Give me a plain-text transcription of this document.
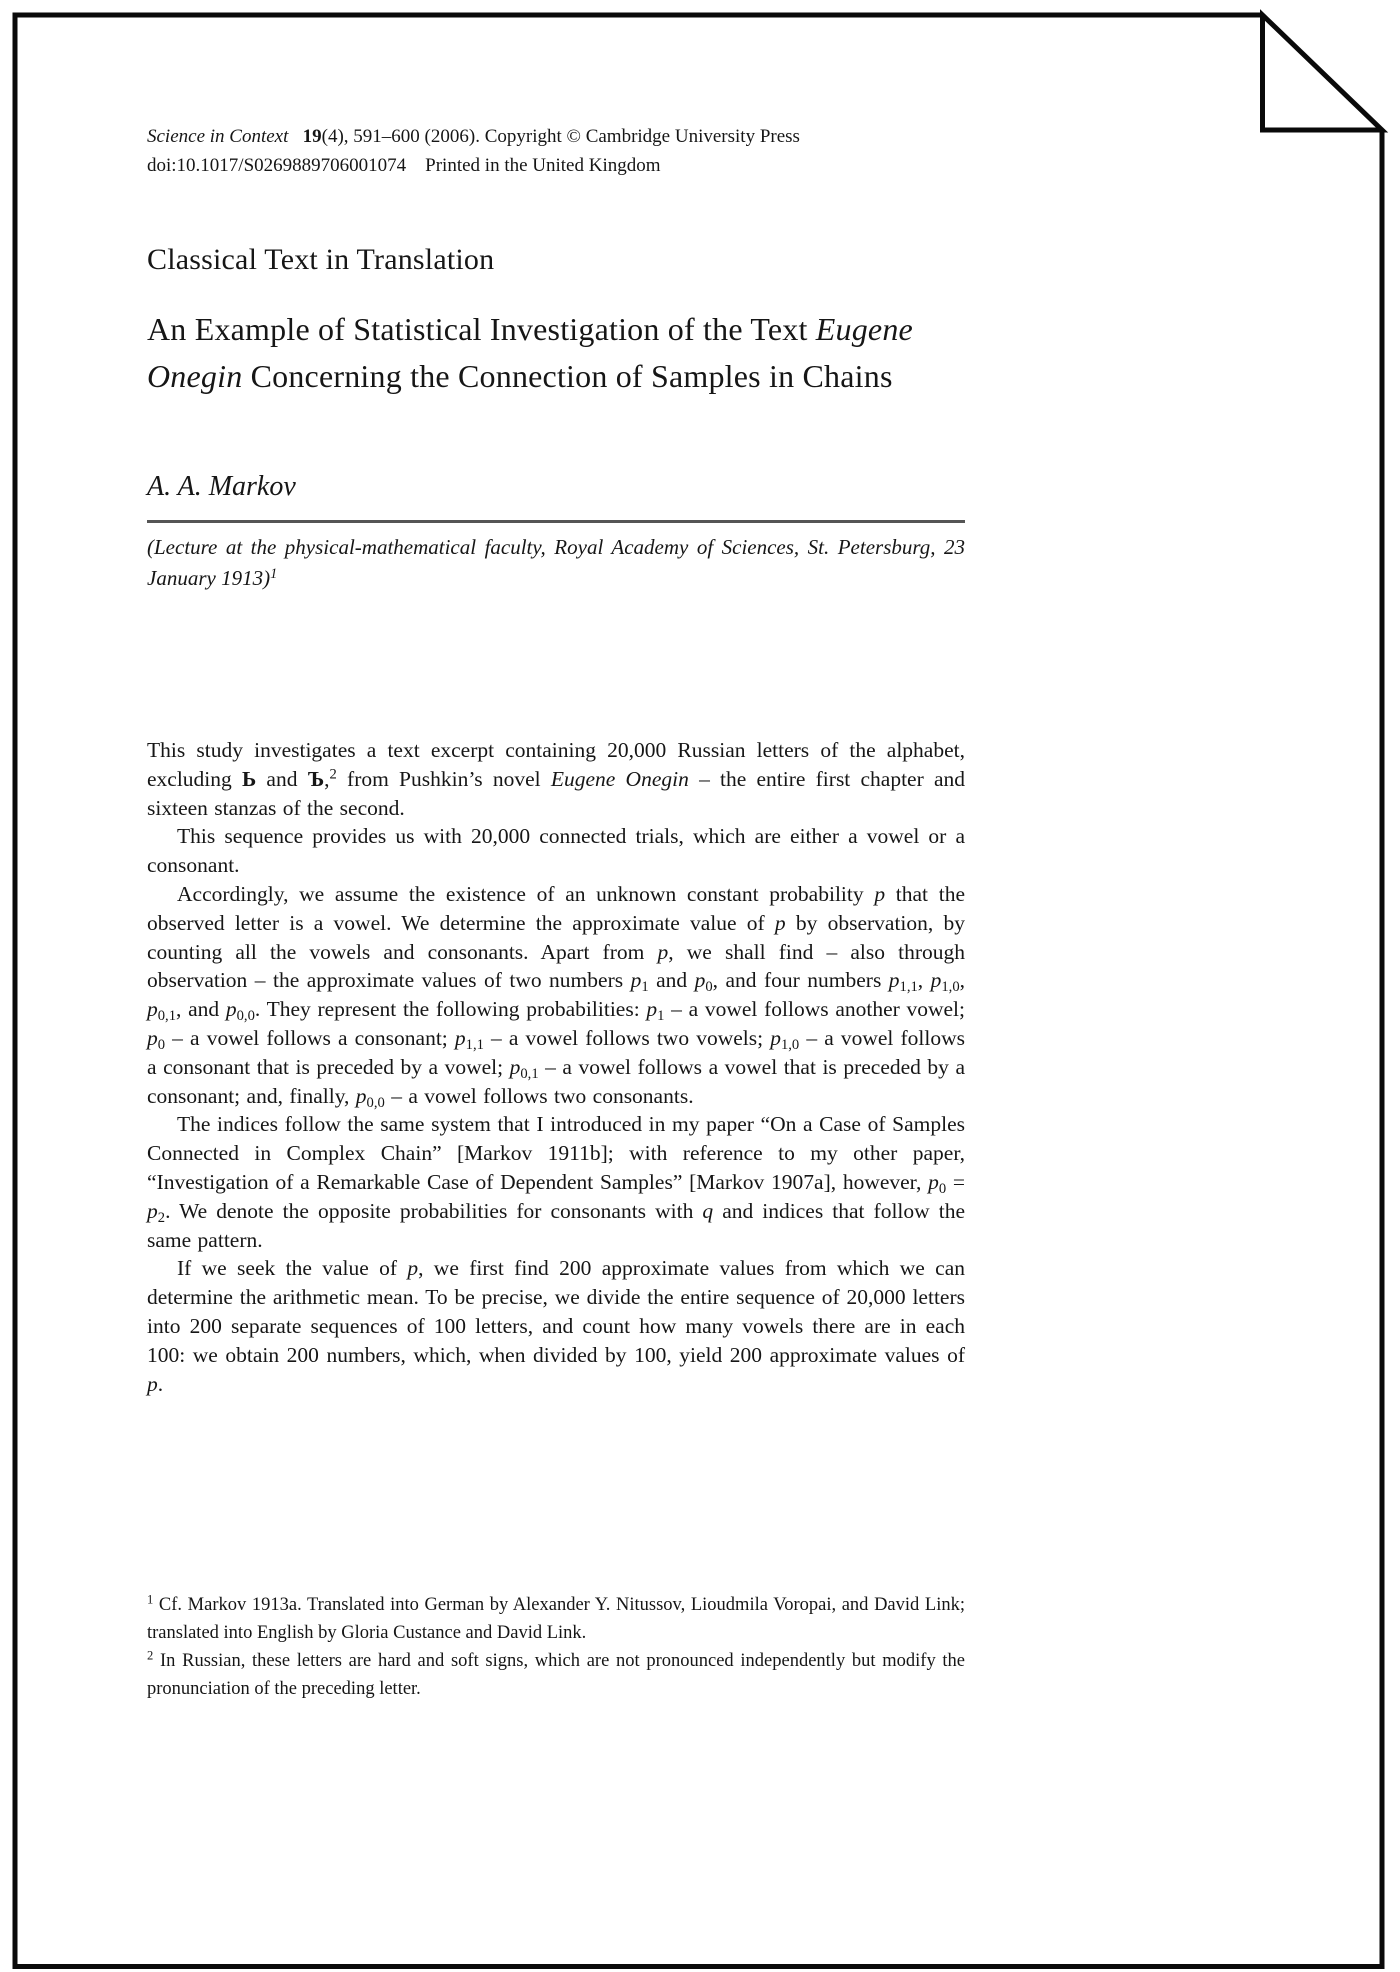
Science in Context 19(4), 591–600 (2006). Copyright © Cambridge University Press

doi:10.1017/S0269889706001074    Printed in the United Kingdom

Classical Text in Translation
An Example of Statistical Investigation of the Text Eugene
Onegin Concerning the Connection of Samples in Chains
A. A. Markov

(Lecture at the physical-mathematical faculty, Royal Academy of Sciences, St. Petersburg, 23 January 1913)$^1$

This study investigates a text excerpt containing 20,000 Russian letters of the alphabet, excluding Ь and Ъ,$^2$ from Pushkin’s novel Eugene Onegin – the entire first chapter and sixteen stanzas of the second.

This sequence provides us with 20,000 connected trials, which are either a vowel or a consonant.

Accordingly, we assume the existence of an unknown constant probability p that the observed letter is a vowel. We determine the approximate value of p by observation, by counting all the vowels and consonants. Apart from p, we shall find – also through observation – the approximate values of two numbers $p_1$ and $p_0$, and four numbers $p_{1,1}$, $p_{1,0}$, $p_{0,1}$, and $p_{0,0}$. They represent the following probabilities: $p_1$ – a vowel follows another vowel; $p_0$ – a vowel follows a consonant; $p_{1,1}$ – a vowel follows two vowels; $p_{1,0}$ – a vowel follows a consonant that is preceded by a vowel; $p_{0,1}$ – a vowel follows a vowel that is preceded by a consonant; and, finally, $p_{0,0}$ – a vowel follows two consonants.

The indices follow the same system that I introduced in my paper “On a Case of Samples Connected in Complex Chain” [Markov 1911b]; with reference to my other paper, “Investigation of a Remarkable Case of Dependent Samples” [Markov 1907a], however, $p_0 = p_2$. We denote the opposite probabilities for consonants with q and indices that follow the same pattern.

If we seek the value of p, we first find 200 approximate values from which we can determine the arithmetic mean. To be precise, we divide the entire sequence of 20,000 letters into 200 separate sequences of 100 letters, and count how many vowels there are in each 100: we obtain 200 numbers, which, when divided by 100, yield 200 approximate values of p.

$^1$ Cf. Markov 1913a. Translated into German by Alexander Y. Nitussov, Lioudmila Voropai, and David Link; translated into English by Gloria Custance and David Link.

$^2$ In Russian, these letters are hard and soft signs, which are not pronounced independently but modify the pronunciation of the preceding letter.
